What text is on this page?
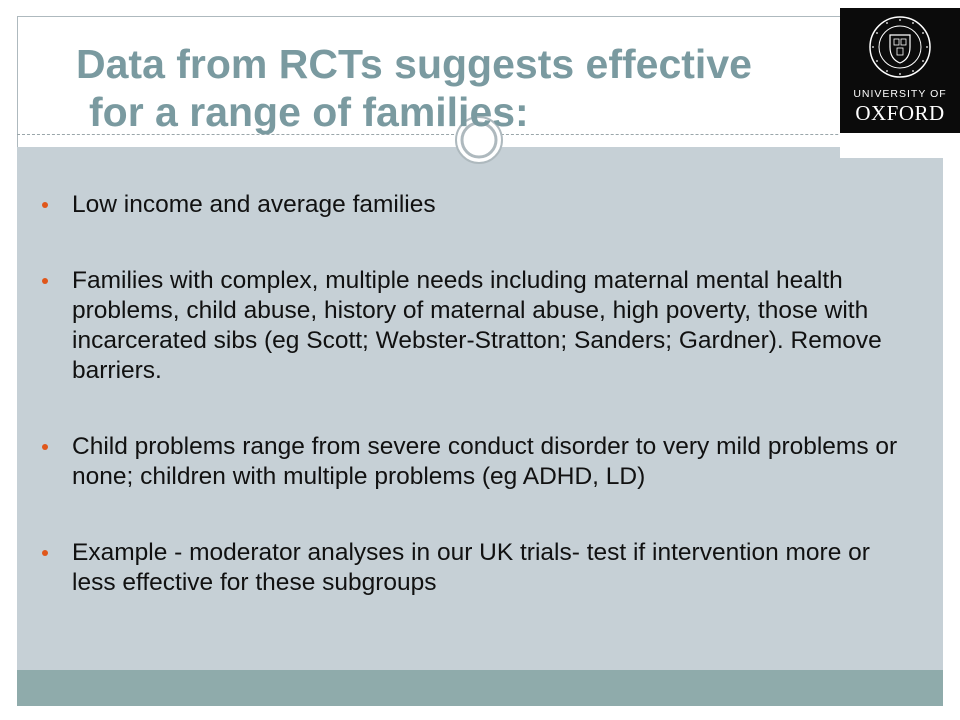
Data from RCTs suggests effective
for a range of families:	UNIVERSITY OF
OXFORD
Low income and average families
Families with complex, multiple needs including maternal mental health problems, child abuse, history of maternal abuse, high poverty, those with incarcerated sibs (eg Scott; Webster-Stratton; Sanders; Gardner). Remove barriers.
Child problems range from severe conduct disorder to very mild problems or none; children with multiple problems (eg ADHD, LD)
Example - moderator analyses in our UK trials- test if intervention more or less effective for these subgroups
